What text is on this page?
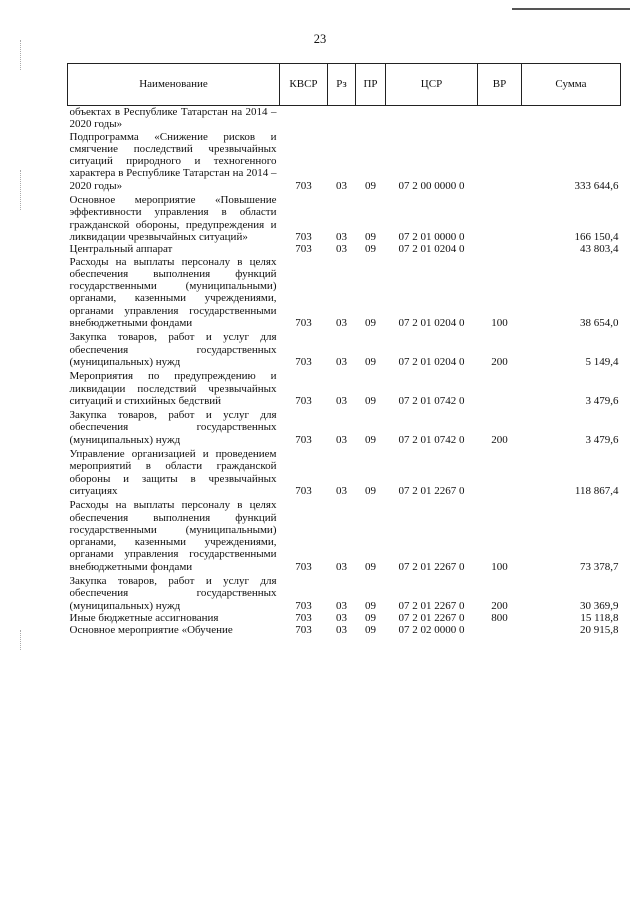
23
Наименование	КВСР	Рз	ПР	ЦСР	ВР	Сумма
объектах в Республике Татарстан на 2014 – 2020 годы»						
Подпрограмма «Снижение рисков и смягчение последствий чрезвычайных ситуаций природного и техногенного характера в Республике Татарстан на 2014 – 2020 годы»	703	03	09	07 2 00 0000 0		333 644,6
Основное мероприятие «Повышение эффективности управления в области гражданской обороны, предупреждения и ликвидации чрезвычайных ситуаций»	703	03	09	07 2 01 0000 0		166 150,4
Центральный аппарат	703	03	09	07 2 01 0204 0		43 803,4
Расходы на выплаты персоналу в целях обеспечения выполнения функций государственными (муниципальными) органами, казенными учреждениями, органами управления государственными внебюджетными фондами	703	03	09	07 2 01 0204 0	100	38 654,0
Закупка товаров, работ и услуг для обеспечения государственных (муниципальных) нужд	703	03	09	07 2 01 0204 0	200	5 149,4
Мероприятия по предупреждению и ликвидации последствий чрезвычайных ситуаций и стихийных бедствий	703	03	09	07 2 01 0742 0		3 479,6
Закупка товаров, работ и услуг для обеспечения государственных (муниципальных) нужд	703	03	09	07 2 01 0742 0	200	3 479,6
Управление организацией и проведением мероприятий в области гражданской обороны и защиты в чрезвычайных ситуациях	703	03	09	07 2 01 2267 0		118 867,4
Расходы на выплаты персоналу в целях обеспечения выполнения функций государственными (муниципальными) органами, казенными учреждениями, органами управления государственными внебюджетными фондами	703	03	09	07 2 01 2267 0	100	73 378,7
Закупка товаров, работ и услуг для обеспечения государственных (муниципальных) нужд	703	03	09	07 2 01 2267 0	200	30 369,9
Иные бюджетные ассигнования	703	03	09	07 2 01 2267 0	800	15 118,8
Основное мероприятие «Обучение	703	03	09	07 2 02 0000 0		20 915,8
